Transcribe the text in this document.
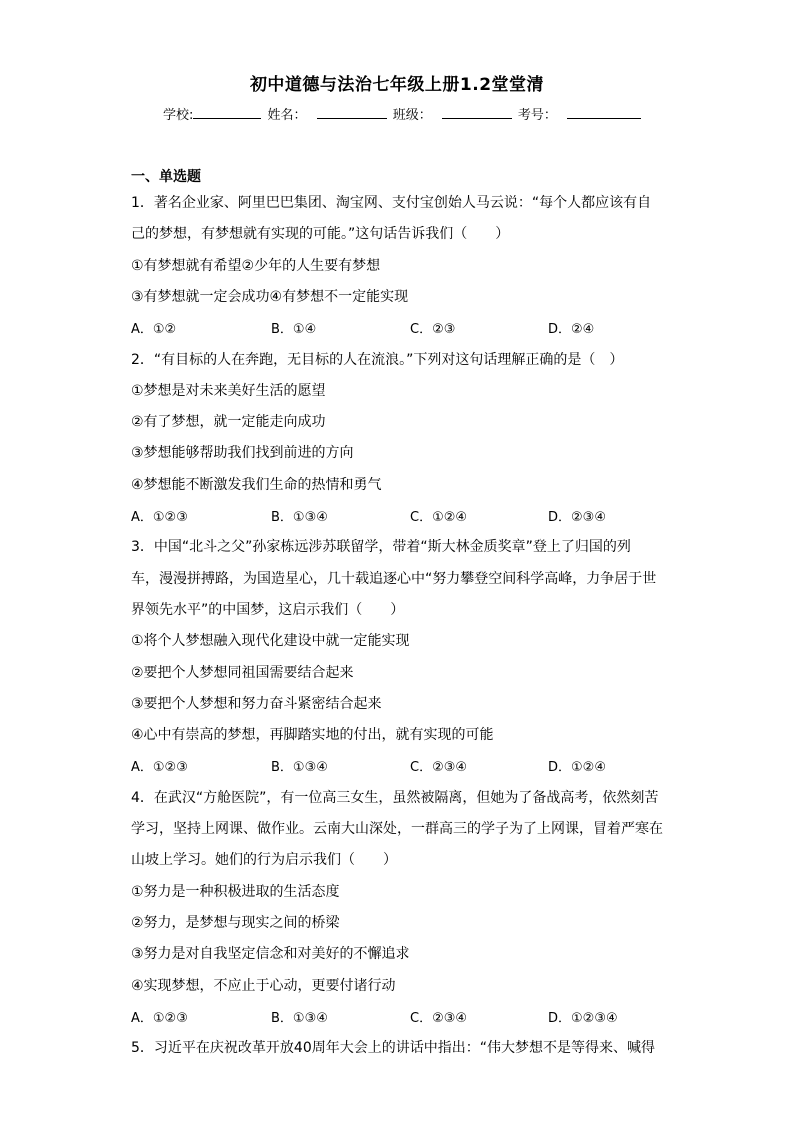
初中道德与法治七年级上册1.2堂堂清
学校:	姓名：	班级：	考号：
一、单选题
1．著名企业家、阿里巴巴集团、淘宝网、支付宝创始人马云说：“每个人都应该有自
己的梦想，有梦想就有实现的可能。”这句话告诉我们（　　）
①有梦想就有希望②少年的人生要有梦想
③有梦想就一定会成功④有梦想不一定能实现
A．①②	B．①④	C．②③	D．②④
2．“有目标的人在奔跑，无目标的人在流浪。”下列对这句话理解正确的是（　）
①梦想是对未来美好生活的愿望
②有了梦想，就一定能走向成功
③梦想能够帮助我们找到前进的方向
④梦想能不断激发我们生命的热情和勇气
A．①②③	B．①③④	C．①②④	D．②③④
3．中国“北斗之父”孙家栋远涉苏联留学，带着“斯大林金质奖章”登上了归国的列
车，漫漫拼搏路，为国造星心，几十载追逐心中“努力攀登空间科学高峰，力争居于世
界领先水平”的中国梦，这启示我们（　　）
①将个人梦想融入现代化建设中就一定能实现
②要把个人梦想同祖国需要结合起来
③要把个人梦想和努力奋斗紧密结合起来
④心中有崇高的梦想，再脚踏实地的付出，就有实现的可能
A．①②③	B．①③④	C．②③④	D．①②④
4．在武汉“方舱医院”，有一位高三女生，虽然被隔离，但她为了备战高考，依然刻苦
学习，坚持上网课、做作业。云南大山深处，一群高三的学子为了上网课，冒着严寒在
山坡上学习。她们的行为启示我们（　　）
①努力是一种积极进取的生活态度
②努力，是梦想与现实之间的桥梁
③努力是对自我坚定信念和对美好的不懈追求
④实现梦想，不应止于心动，更要付诸行动
A．①②③	B．①③④	C．②③④	D．①②③④
5．习近平在庆祝改革开放40周年大会上的讲话中指出：“伟大梦想不是等得来、喊得
